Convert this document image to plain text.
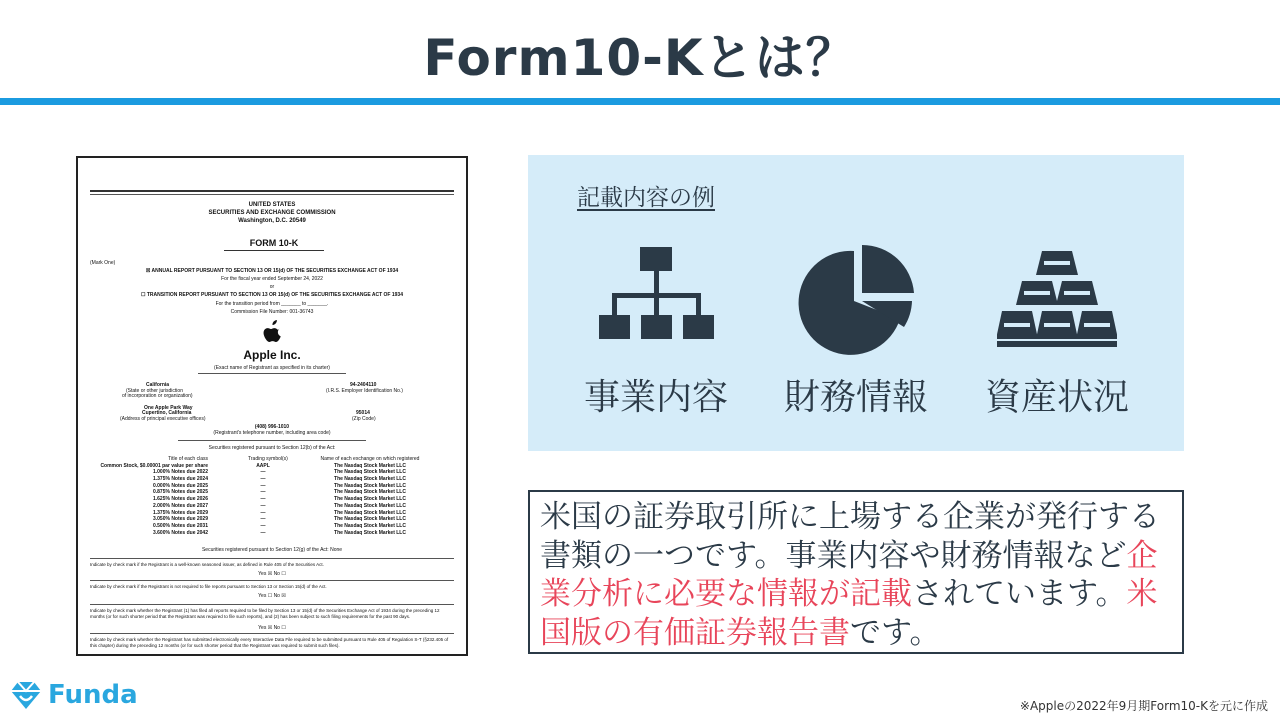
Form10-Kとは？
UNITED STATES
SECURITIES AND EXCHANGE COMMISSION
Washington, D.C. 20549
FORM 10-K
(Mark One)
☒ ANNUAL REPORT PURSUANT TO SECTION 13 OR 15(d) OF THE SECURITIES EXCHANGE ACT OF 1934
For the fiscal year ended September 24, 2022
or
☐ TRANSITION REPORT PURSUANT TO SECTION 13 OR 15(d) OF THE SECURITIES EXCHANGE ACT OF 1934
For the transition period from _______ to _______.
Commission File Number: 001-36743
Apple Inc.
(Exact name of Registrant as specified in its charter)
California
(State or other jurisdiction
of incorporation or organization)
94-2404110
(I.R.S. Employer Identification No.)
One Apple Park Way
Cupertino, California
(Address of principal executive offices)
95014
(Zip Code)
(408) 996-1010
(Registrant's telephone number, including area code)
Securities registered pursuant to Section 12(b) of the Act:
Title of each class	Trading symbol(s)	Name of each exchange on which registered
Common Stock, $0.00001 par value per share	AAPL	The Nasdaq Stock Market LLC
1.000% Notes due 2022	—	The Nasdaq Stock Market LLC
1.375% Notes due 2024	—	The Nasdaq Stock Market LLC
0.000% Notes due 2025	—	The Nasdaq Stock Market LLC
0.875% Notes due 2025	—	The Nasdaq Stock Market LLC
1.625% Notes due 2026	—	The Nasdaq Stock Market LLC
2.000% Notes due 2027	—	The Nasdaq Stock Market LLC
1.375% Notes due 2029	—	The Nasdaq Stock Market LLC
3.050% Notes due 2029	—	The Nasdaq Stock Market LLC
0.500% Notes due 2031	—	The Nasdaq Stock Market LLC
3.600% Notes due 2042	—	The Nasdaq Stock Market LLC
Securities registered pursuant to Section 12(g) of the Act: None
Indicate by check mark if the Registrant is a well-known seasoned issuer, as defined in Rule 405 of the Securities Act.
Yes ☒ No ☐
Indicate by check mark if the Registrant is not required to file reports pursuant to Section 13 or Section 15(d) of the Act.
Yes ☐ No ☒
Indicate by check mark whether the Registrant (1) has filed all reports required to be filed by Section 13 or 15(d) of the Securities Exchange Act of 1934 during the preceding 12 months (or for such shorter period that the Registrant was required to file such reports), and (2) has been subject to such filing requirements for the past 90 days.
Yes ☒ No ☐
Indicate by check mark whether the Registrant has submitted electronically every Interactive Data File required to be submitted pursuant to Rule 405 of Regulation S-T (§232.405 of this chapter) during the preceding 12 months (or for such shorter period that the Registrant was required to submit such files).
記載内容の例
事業内容	財務情報	資産状況

米国の証券取引所に上場する企業が発行する書類の一つです。事業内容や財務情報など企業分析に必要な情報が記載されています。米国版の有価証券報告書です。

Funda	※Appleの2022年9月期Form10-Kを元に作成
